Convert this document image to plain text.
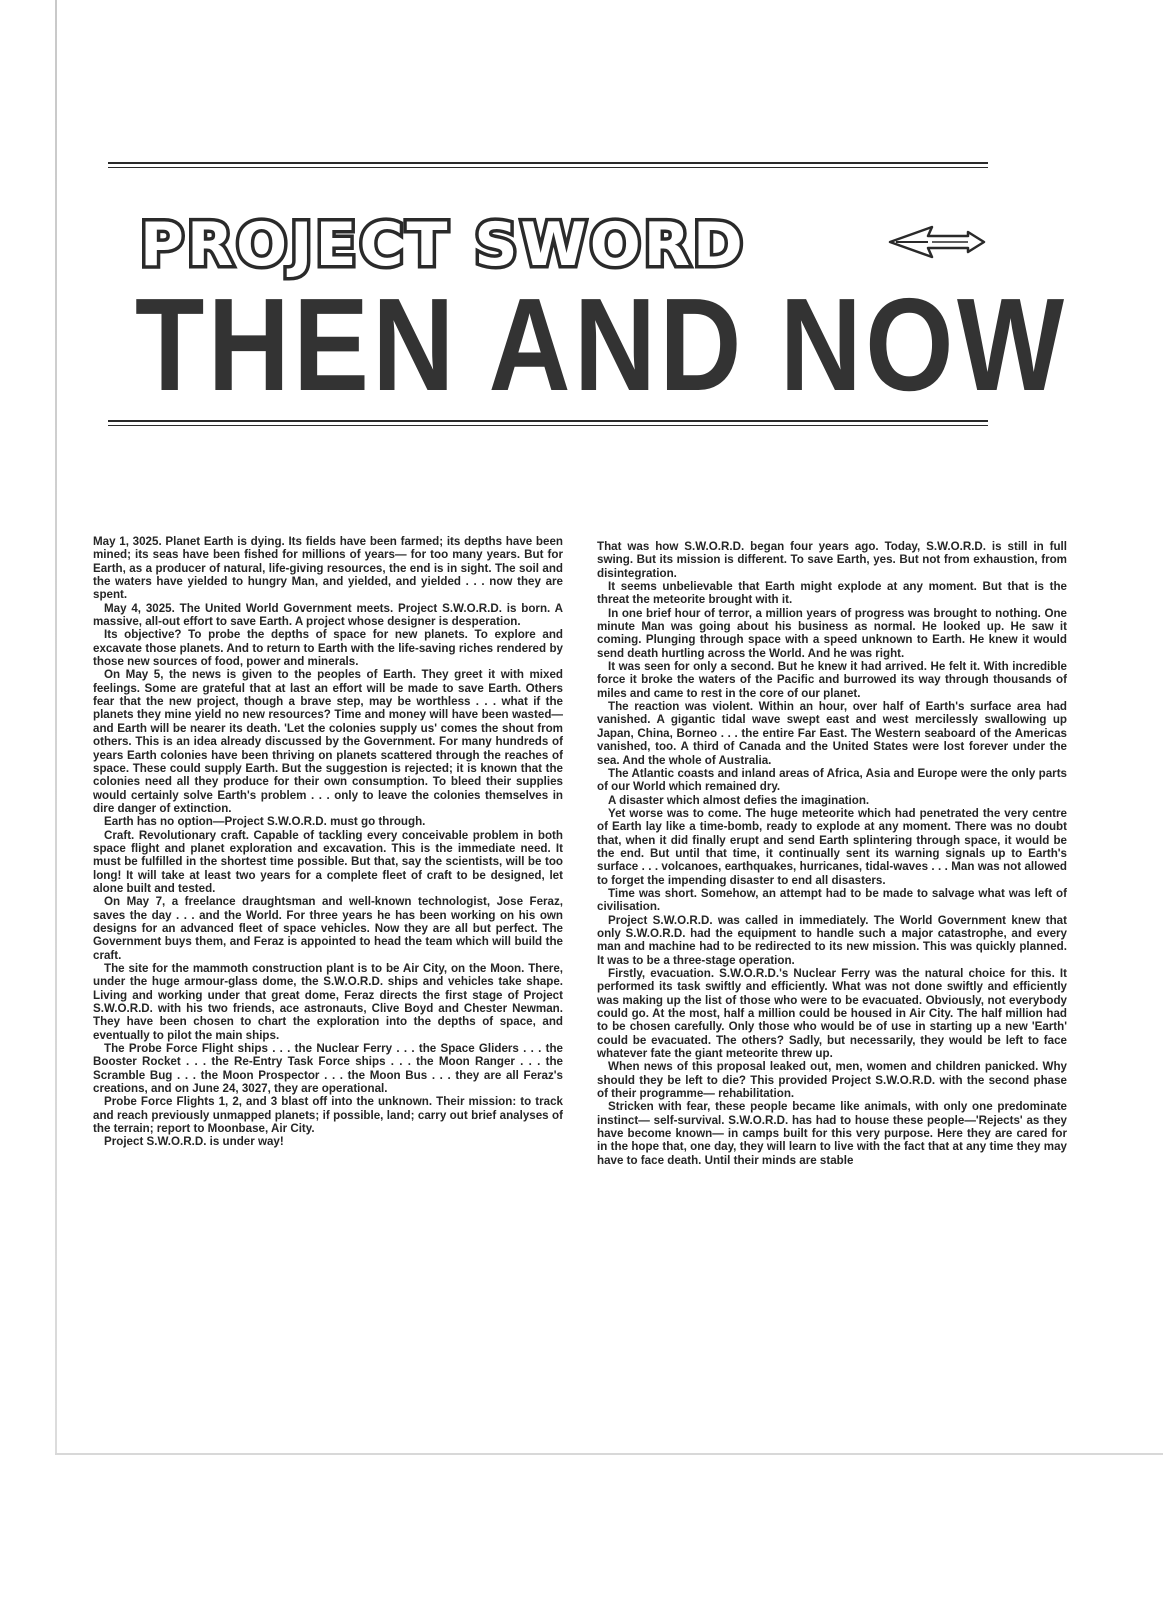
PROJECT SWORD
THEN AND NOW

May 1, 3025. Planet Earth is dying. Its fields have been farmed; its depths have been mined; its seas have been fished for millions of years— for too many years. But for Earth, as a producer of natural, life-giving resources, the end is in sight. The soil and the waters have yielded to hungry Man, and yielded, and yielded . . . now they are spent.

May 4, 3025. The United World Government meets. Project S.W.O.R.D. is born. A massive, all-out effort to save Earth. A project whose designer is desperation.

Its objective? To probe the depths of space for new planets. To explore and excavate those planets. And to return to Earth with the life-saving riches rendered by those new sources of food, power and minerals.

On May 5, the news is given to the peoples of Earth. They greet it with mixed feelings. Some are grateful that at last an effort will be made to save Earth. Others fear that the new project, though a brave step, may be worthless . . . what if the planets they mine yield no new resources? Time and money will have been wasted— and Earth will be nearer its death. 'Let the colonies supply us' comes the shout from others. This is an idea already discussed by the Government. For many hundreds of years Earth colonies have been thriving on planets scattered through the reaches of space. These could supply Earth. But the suggestion is rejected; it is known that the colonies need all they produce for their own consumption. To bleed their supplies would certainly solve Earth's problem . . . only to leave the colonies themselves in dire danger of extinction.

Earth has no option—Project S.W.O.R.D. must go through.

Craft. Revolutionary craft. Capable of tackling every conceivable problem in both space flight and planet exploration and excavation. This is the immediate need. It must be fulfilled in the shortest time possible. But that, say the scientists, will be too long! It will take at least two years for a complete fleet of craft to be designed, let alone built and tested.

On May 7, a freelance draughtsman and well-known technologist, Jose Feraz, saves the day . . . and the World. For three years he has been working on his own designs for an advanced fleet of space vehicles. Now they are all but perfect. The Government buys them, and Feraz is appointed to head the team which will build the craft.

The site for the mammoth construction plant is to be Air City, on the Moon. There, under the huge armour-glass dome, the S.W.O.R.D. ships and vehicles take shape. Living and working under that great dome, Feraz directs the first stage of Project S.W.O.R.D. with his two friends, ace astronauts, Clive Boyd and Chester Newman. They have been chosen to chart the exploration into the depths of space, and eventually to pilot the main ships.

The Probe Force Flight ships . . . the Nuclear Ferry . . . the Space Gliders . . . the Booster Rocket . . . the Re-Entry Task Force ships . . . the Moon Ranger . . . the Scramble Bug . . . the Moon Prospector . . . the Moon Bus . . . they are all Feraz's creations, and on June 24, 3027, they are operational.

Probe Force Flights 1, 2, and 3 blast off into the unknown. Their mission: to track and reach previously unmapped planets; if possible, land; carry out brief analyses of the terrain; report to Moonbase, Air City.

Project S.W.O.R.D. is under way!

That was how S.W.O.R.D. began four years ago. Today, S.W.O.R.D. is still in full swing. But its mission is different. To save Earth, yes. But not from exhaustion, from disintegration.

It seems unbelievable that Earth might explode at any moment. But that is the threat the meteorite brought with it.

In one brief hour of terror, a million years of progress was brought to nothing. One minute Man was going about his business as normal. He looked up. He saw it coming. Plunging through space with a speed unknown to Earth. He knew it would send death hurtling across the World. And he was right.

It was seen for only a second. But he knew it had arrived. He felt it. With incredible force it broke the waters of the Pacific and burrowed its way through thousands of miles and came to rest in the core of our planet.

The reaction was violent. Within an hour, over half of Earth's surface area had vanished. A gigantic tidal wave swept east and west mercilessly swallowing up Japan, China, Borneo . . . the entire Far East. The Western seaboard of the Americas vanished, too. A third of Canada and the United States were lost forever under the sea. And the whole of Australia.

The Atlantic coasts and inland areas of Africa, Asia and Europe were the only parts of our World which remained dry.

A disaster which almost defies the imagination.

Yet worse was to come. The huge meteorite which had penetrated the very centre of Earth lay like a time-bomb, ready to explode at any moment. There was no doubt that, when it did finally erupt and send Earth splintering through space, it would be the end. But until that time, it continually sent its warning signals up to Earth's surface . . . volcanoes, earthquakes, hurricanes, tidal-waves . . . Man was not allowed to forget the impending disaster to end all disasters.

Time was short. Somehow, an attempt had to be made to salvage what was left of civilisation.

Project S.W.O.R.D. was called in immediately. The World Government knew that only S.W.O.R.D. had the equipment to handle such a major catastrophe, and every man and machine had to be redirected to its new mission. This was quickly planned. It was to be a three-stage operation.

Firstly, evacuation. S.W.O.R.D.'s Nuclear Ferry was the natural choice for this. It performed its task swiftly and efficiently. What was not done swiftly and efficiently was making up the list of those who were to be evacuated. Obviously, not everybody could go. At the most, half a million could be housed in Air City. The half million had to be chosen carefully. Only those who would be of use in starting up a new 'Earth' could be evacuated. The others? Sadly, but necessarily, they would be left to face whatever fate the giant meteorite threw up.

When news of this proposal leaked out, men, women and children panicked. Why should they be left to die? This provided Project S.W.O.R.D. with the second phase of their programme— rehabilitation.

Stricken with fear, these people became like animals, with only one predominate instinct— self-survival. S.W.O.R.D. has had to house these people—'Rejects' as they have become known— in camps built for this very purpose. Here they are cared for in the hope that, one day, they will learn to live with the fact that at any time they may have to face death. Until their minds are stable
